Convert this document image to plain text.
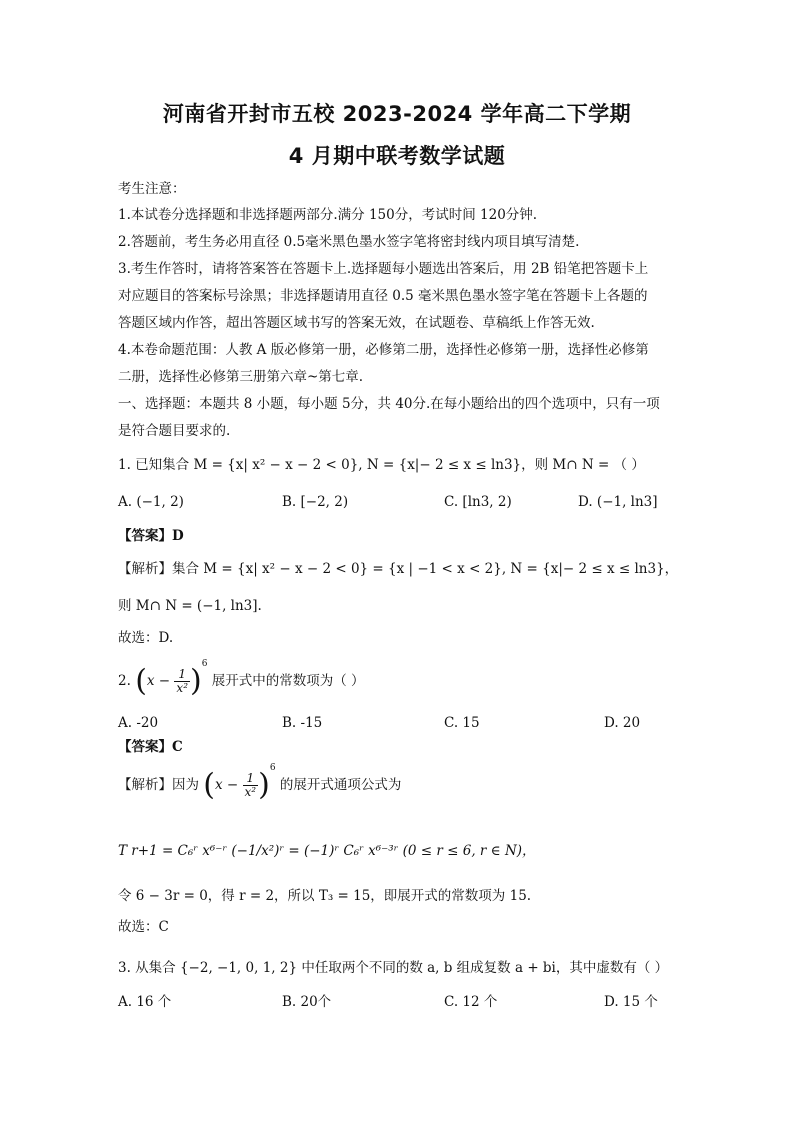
河南省开封市五校 2023-2024 学年高二下学期
4 月期中联考数学试题
考生注意：
1.本试卷分选择题和非选择题两部分.满分 150分，考试时间 120分钟.
2.答题前，考生务必用直径 0.5毫米黑色墨水签字笔将密封线内项目填写清楚.
3.考生作答时，请将答案答在答题卡上.选择题每小题选出答案后，用 2B 铅笔把答题卡上
对应题目的答案标号涂黑；非选择题请用直径 0.5 毫米黑色墨水签字笔在答题卡上各题的
答题区域内作答，超出答题区域书写的答案无效，在试题卷、草稿纸上作答无效.
4.本卷命题范围：人教 A 版必修第一册，必修第二册，选择性必修第一册，选择性必修第
二册，选择性必修第三册第六章~第七章.
一、选择题：本题共 8 小题，每小题 5分，共 40分.在每小题给出的四个选项中，只有一项
是符合题目要求的.
1. 已知集合 M = {x| x² − x − 2 < 0}, N = {x|− 2 ≤ x ≤ ln3}，则 M∩ N = （ ）
A. (−1, 2)	B. [−2, 2)	C. [ln3, 2)	D. (−1, ln3]
【答案】D
【解析】集合 M = {x| x² − x − 2 < 0} = {x | −1 < x < 2}, N = {x|− 2 ≤ x ≤ ln3}，
则 M∩ N = (−1, ln3].
故选：D.
2. $(x - \frac{1}{\text{x²}} )^6$ 展开式中的常数项为（ ）
A. -20	B. -15	C. 15	D. 20
【答案】C
【解析】因为 $(x - \frac{1}{\text{x²}} )^6$ 的展开式通项公式为
T r+1 = C₆ʳ x⁶⁻ʳ (−1/x²)ʳ = (−1)ʳ C₆ʳ x⁶⁻³ʳ (0 ≤ r ≤ 6, r ∈ N)，
令 6 − 3r = 0，得 r = 2，所以 T₃ = 15，即展开式的常数项为 15.
故选：C
3. 从集合 {−2, −1, 0, 1, 2} 中任取两个不同的数 a, b 组成复数 a + bi，其中虚数有（ ）
A. 16 个	B. 20个	C. 12 个	D. 15 个
